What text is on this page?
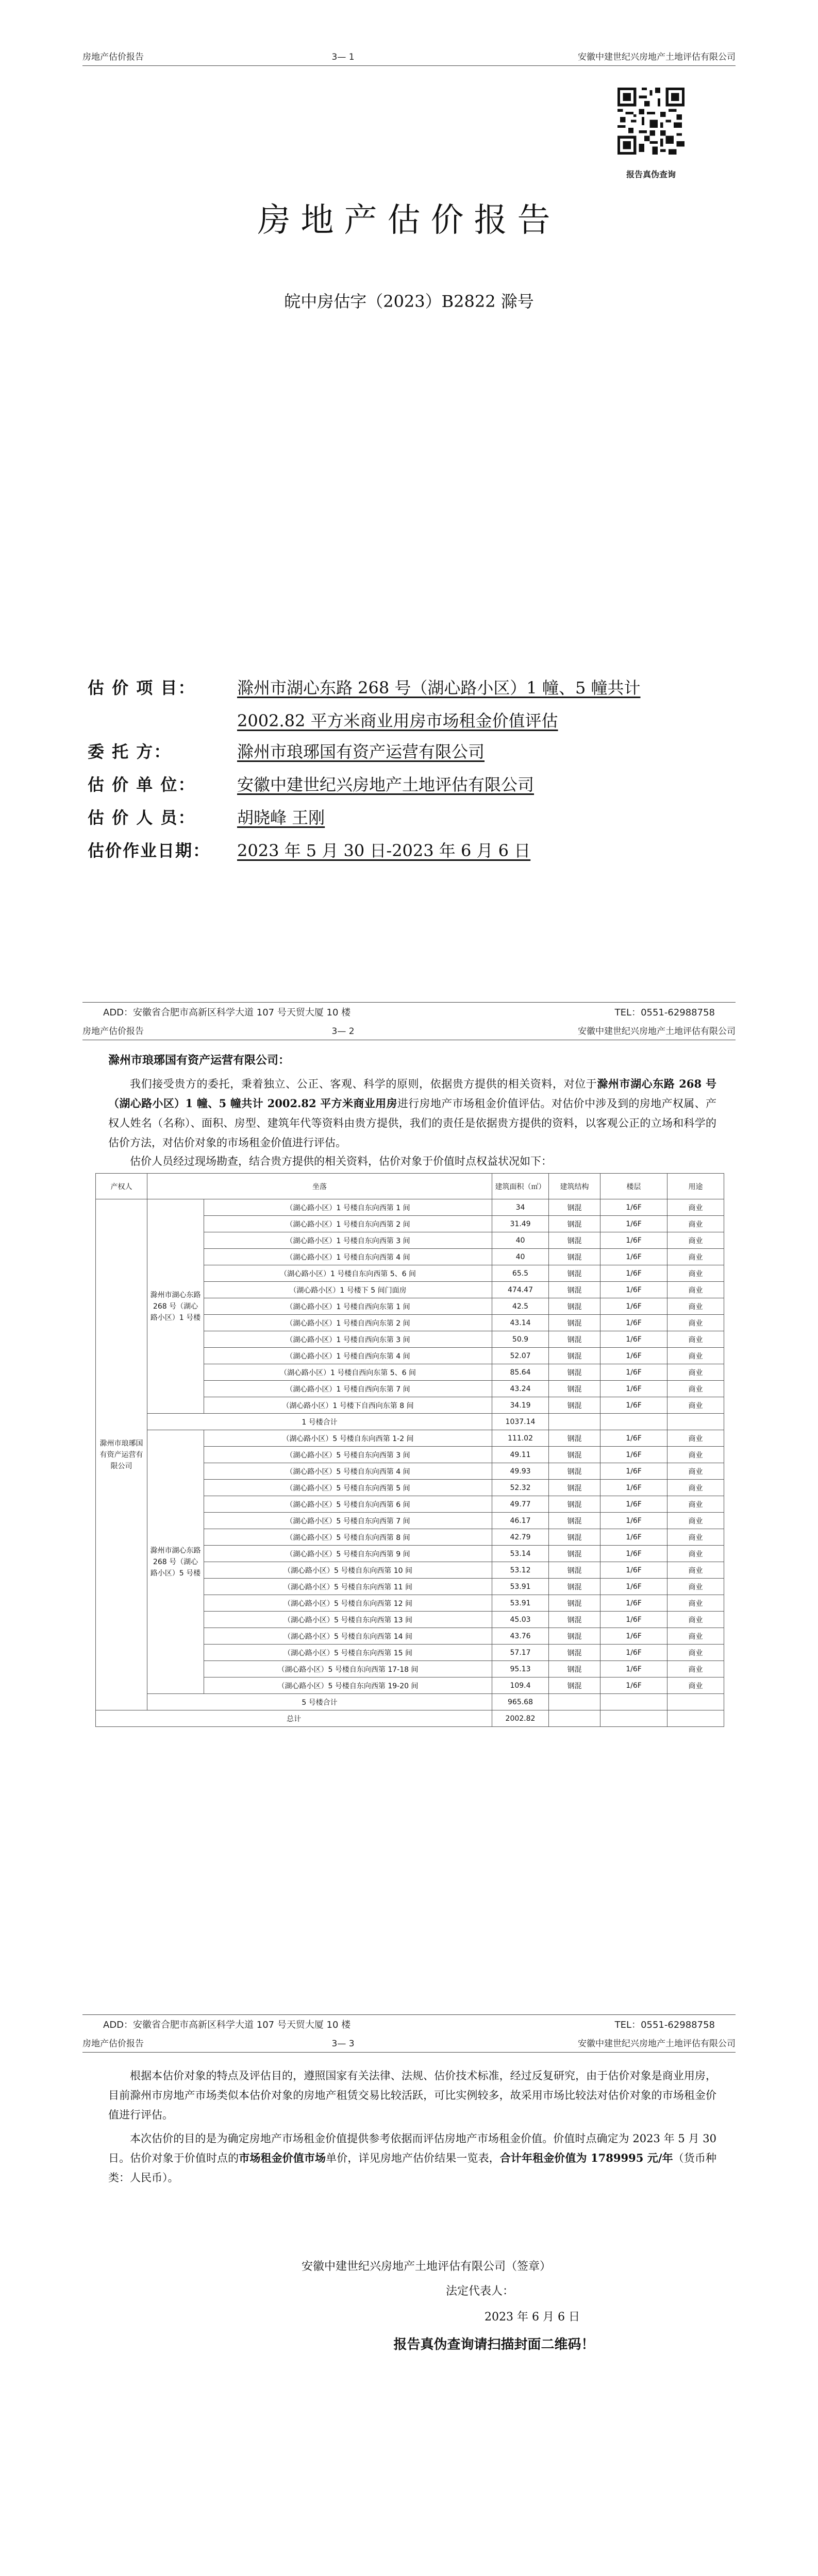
房地产估价报告	3— 1	安徽中建世纪兴房地产土地评估有限公司
报告真伪查询
房地产估价报告
皖中房估字（2023）B2822 滁号
估 价 项 目：	滁州市湖心东路 268 号（湖心路小区）1 幢、5 幢共计
2002.82 平方米商业用房市场租金价值评估
委 托 方：	滁州市琅琊国有资产运营有限公司
估 价 单 位：	安徽中建世纪兴房地产土地评估有限公司
估 价 人 员：	胡晓峰 王刚
估价作业日期：	2023 年 5 月 30 日-2023 年 6 月 6 日
ADD：安徽省合肥市高新区科学大道 107 号天贸大厦 10 楼	TEL：0551-62988758
房地产估价报告	3— 2	安徽中建世纪兴房地产土地评估有限公司
滁州市琅琊国有资产运营有限公司：

我们接受贵方的委托，秉着独立、公正、客观、科学的原则，依据贵方提供的相关资料，对位于滁州市湖心东路 268 号（湖心路小区）1 幢、5 幢共计 2002.82 平方米商业用房进行房地产市场租金价值评估。对估价中涉及到的房地产权属、产权人姓名（名称）、面积、房型、建筑年代等资料由贵方提供，我们的责任是依据贵方提供的资料，以客观公正的立场和科学的估价方法，对估价对象的市场租金价值进行评估。

估价人员经过现场勘查，结合贵方提供的相关资料，估价对象于价值时点权益状况如下：

产权人	坐落		建筑面积（㎡）	建筑结构	楼层	用途
滁州市琅琊国有资产运营有限公司	滁州市湖心东路 268 号（湖心路小区）1 号楼	（湖心路小区）1 号楼自东向西第 1 间	34	钢混	1/6F	商业
		（湖心路小区）1 号楼自东向西第 2 间	31.49	钢混	1/6F	商业
		（湖心路小区）1 号楼自东向西第 3 间	40	钢混	1/6F	商业
		（湖心路小区）1 号楼自东向西第 4 间	40	钢混	1/6F	商业
		（湖心路小区）1 号楼自东向西第 5、6 间	65.5	钢混	1/6F	商业
		（湖心路小区）1 号楼下 5 间门面房	474.47	钢混	1/6F	商业
		（湖心路小区）1 号楼自西向东第 1 间	42.5	钢混	1/6F	商业
		（湖心路小区）1 号楼自西向东第 2 间	43.14	钢混	1/6F	商业
		（湖心路小区）1 号楼自西向东第 3 间	50.9	钢混	1/6F	商业
		（湖心路小区）1 号楼自西向东第 4 间	52.07	钢混	1/6F	商业
		（湖心路小区）1 号楼自西向东第 5、6 间	85.64	钢混	1/6F	商业
		（湖心路小区）1 号楼自西向东第 7 间	43.24	钢混	1/6F	商业
		（湖心路小区）1 号楼下自西向东第 8 间	34.19	钢混	1/6F	商业
	1 号楼合计		1037.14			
	滁州市湖心东路 268 号（湖心路小区）5 号楼	（湖心路小区）5 号楼自东向西第 1-2 间	111.02	钢混	1/6F	商业
		（湖心路小区）5 号楼自东向西第 3 间	49.11	钢混	1/6F	商业
		（湖心路小区）5 号楼自东向西第 4 间	49.93	钢混	1/6F	商业
		（湖心路小区）5 号楼自东向西第 5 间	52.32	钢混	1/6F	商业
		（湖心路小区）5 号楼自东向西第 6 间	49.77	钢混	1/6F	商业
		（湖心路小区）5 号楼自东向西第 7 间	46.17	钢混	1/6F	商业
		（湖心路小区）5 号楼自东向西第 8 间	42.79	钢混	1/6F	商业
		（湖心路小区）5 号楼自东向西第 9 间	53.14	钢混	1/6F	商业
		（湖心路小区）5 号楼自东向西第 10 间	53.12	钢混	1/6F	商业
		（湖心路小区）5 号楼自东向西第 11 间	53.91	钢混	1/6F	商业
		（湖心路小区）5 号楼自东向西第 12 间	53.91	钢混	1/6F	商业
		（湖心路小区）5 号楼自东向西第 13 间	45.03	钢混	1/6F	商业
		（湖心路小区）5 号楼自东向西第 14 间	43.76	钢混	1/6F	商业
		（湖心路小区）5 号楼自东向西第 15 间	57.17	钢混	1/6F	商业
		（湖心路小区）5 号楼自东向西第 17-18 间	95.13	钢混	1/6F	商业
		（湖心路小区）5 号楼自东向西第 19-20 间	109.4	钢混	1/6F	商业
	5 号楼合计		965.68			
总计			2002.82			
ADD：安徽省合肥市高新区科学大道 107 号天贸大厦 10 楼	TEL：0551-62988758
房地产估价报告	3— 3	安徽中建世纪兴房地产土地评估有限公司

根据本估价对象的特点及评估目的，遵照国家有关法律、法规、估价技术标准，经过反复研究，由于估价对象是商业用房，目前滁州市房地产市场类似本估价对象的房地产租赁交易比较活跃，可比实例较多，故采用市场比较法对估价对象的市场租金价值进行评估。

本次估价的目的是为确定房地产市场租金价值提供参考依据而评估房地产市场租金价值。价值时点确定为 2023 年 5 月 30 日。估价对象于价值时点的市场租金价值市场单价，详见房地产估价结果一览表，合计年租金价值为 1789995 元/年（货币种类：人民币）。

安徽中建世纪兴房地产土地评估有限公司（签章）
法定代表人：
2023 年 6 月 6 日
报告真伪查询请扫描封面二维码！
